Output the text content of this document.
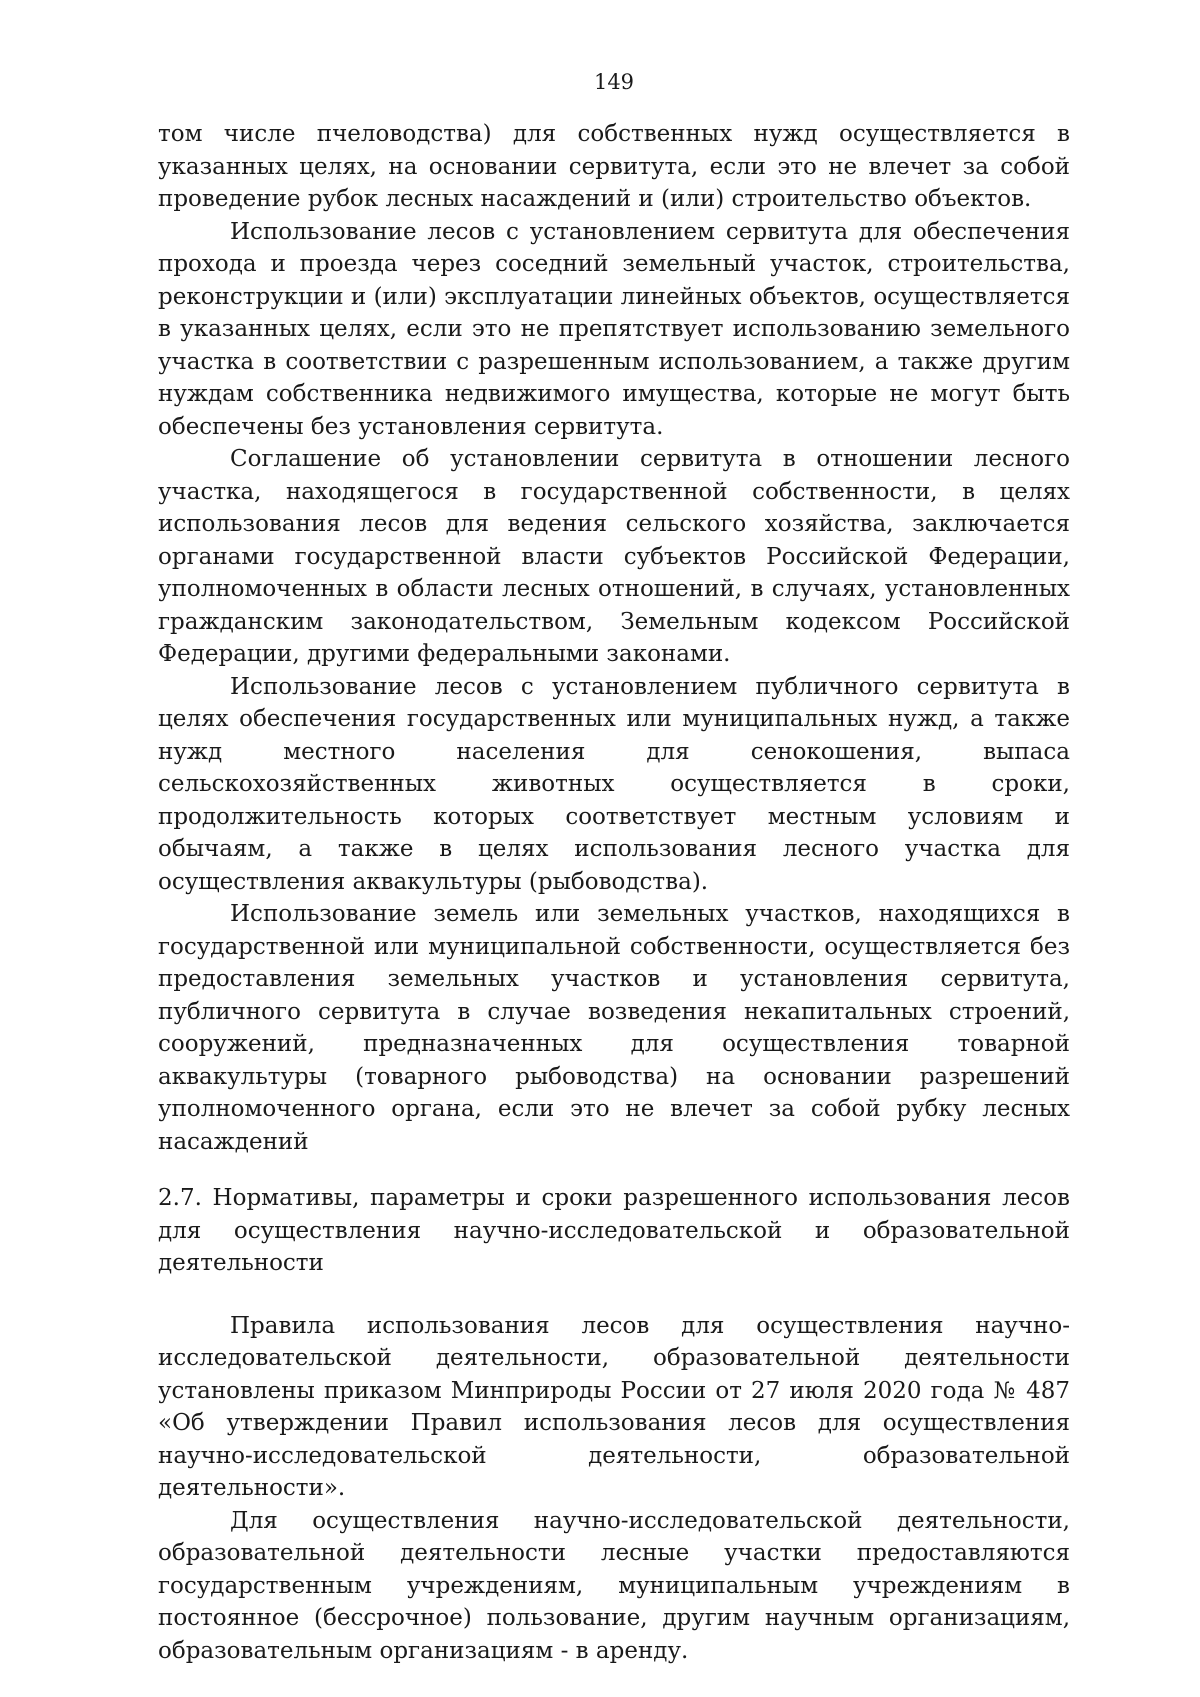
149

том числе пчеловодства) для собственных нужд осуществляется в указанных целях, на основании сервитута, если это не влечет за собой проведение рубок лесных насаждений и (или) строительство объектов.

Использование лесов с установлением сервитута для обеспечения прохода и проезда через соседний земельный участок, строительства, реконструкции и (или) эксплуатации линейных объектов, осуществляется в указанных целях, если это не препятствует использованию земельного участка в соответствии с разрешенным использованием, а также другим нуждам собственника недвижимого имущества, которые не могут быть обеспечены без установления сервитута.

Соглашение об установлении сервитута в отношении лесного участка, находящегося в государственной собственности, в целях использования лесов для ведения сельского хозяйства, заключается органами государственной власти субъектов Российской Федерации, уполномоченных в области лесных отношений, в случаях, установленных гражданским законодательством, Земельным кодексом Российской Федерации, другими федеральными законами.

Использование лесов с установлением публичного сервитута в целях обеспечения государственных или муниципальных нужд, а также нужд местного населения для сенокошения, выпаса сельскохозяйственных животных осуществляется в сроки, продолжительность которых соответствует местным условиям и обычаям, а также в целях использования лесного участка для осуществления аквакультуры (рыбоводства).

Использование земель или земельных участков, находящихся в государственной или муниципальной собственности, осуществляется без предоставления земельных участков и установления сервитута, публичного сервитута в случае возведения некапитальных строений, сооружений, предназначенных для осуществления товарной аквакультуры (товарного рыбоводства) на основании разрешений уполномоченного органа, если это не влечет за собой рубку лесных насаждений

2.7. Нормативы, параметры и сроки разрешенного использования лесов для осуществления научно-исследовательской и образовательной деятельности

Правила использования лесов для осуществления научно-исследовательской деятельности, образовательной деятельности установлены приказом Минприроды России от 27 июля 2020 года № 487 «Об утверждении Правил использования лесов для осуществления научно-исследовательской деятельности, образовательной деятельности».

Для осуществления научно-исследовательской деятельности, образовательной деятельности лесные участки предоставляются государственным учреждениям, муниципальным учреждениям в постоянное (бессрочное) пользование, другим научным организациям, образовательным организациям - в аренду.
